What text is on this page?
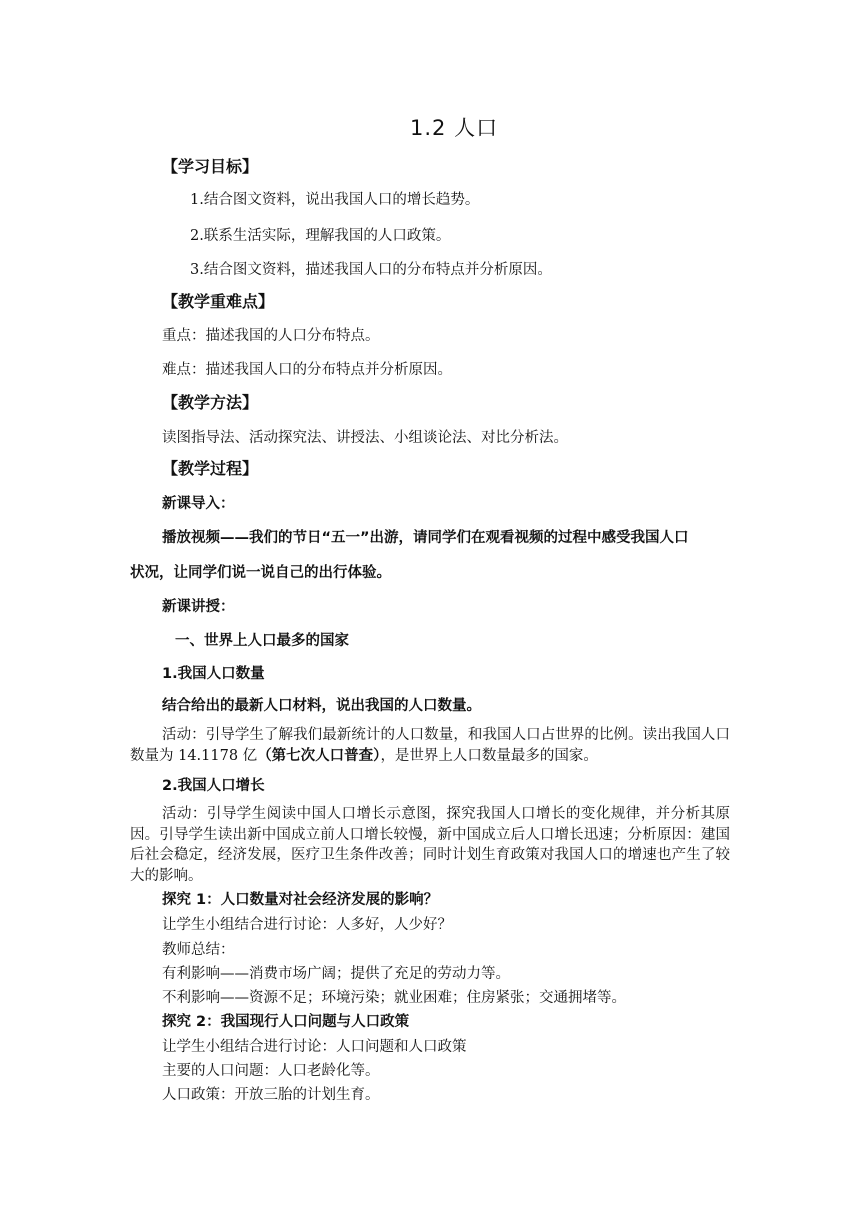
1.2 人口
【学习目标】
1.结合图文资料，说出我国人口的增长趋势。
2.联系生活实际，理解我国的人口政策。
3.结合图文资料，描述我国人口的分布特点并分析原因。
【教学重难点】
重点：描述我国的人口分布特点。
难点：描述我国人口的分布特点并分析原因。
【教学方法】
读图指导法、活动探究法、讲授法、小组谈论法、对比分析法。
【教学过程】
新课导入：
播放视频——我们的节日“五一”出游，请同学们在观看视频的过程中感受我国人口
状况，让同学们说一说自己的出行体验。
新课讲授：
一、世界上人口最多的国家
1.我国人口数量
结合给出的最新人口材料，说出我国的人口数量。
活动：引导学生了解我们最新统计的人口数量，和我国人口占世界的比例。读出我国人口数量为 14.1178 亿（第七次人口普查），是世界上人口数量最多的国家。
2.我国人口增长
活动：引导学生阅读中国人口增长示意图，探究我国人口增长的变化规律，并分析其原因。引导学生读出新中国成立前人口增长较慢，新中国成立后人口增长迅速；分析原因：建国后社会稳定，经济发展，医疗卫生条件改善；同时计划生育政策对我国人口的增速也产生了较大的影响。
探究 1：人口数量对社会经济发展的影响？
让学生小组结合进行讨论：人多好，人少好？
教师总结：
有利影响——消费市场广阔；提供了充足的劳动力等。
不利影响——资源不足；环境污染；就业困难；住房紧张；交通拥堵等。
探究 2：我国现行人口问题与人口政策
让学生小组结合进行讨论：人口问题和人口政策
主要的人口问题：人口老龄化等。
人口政策：开放三胎的计划生育。
